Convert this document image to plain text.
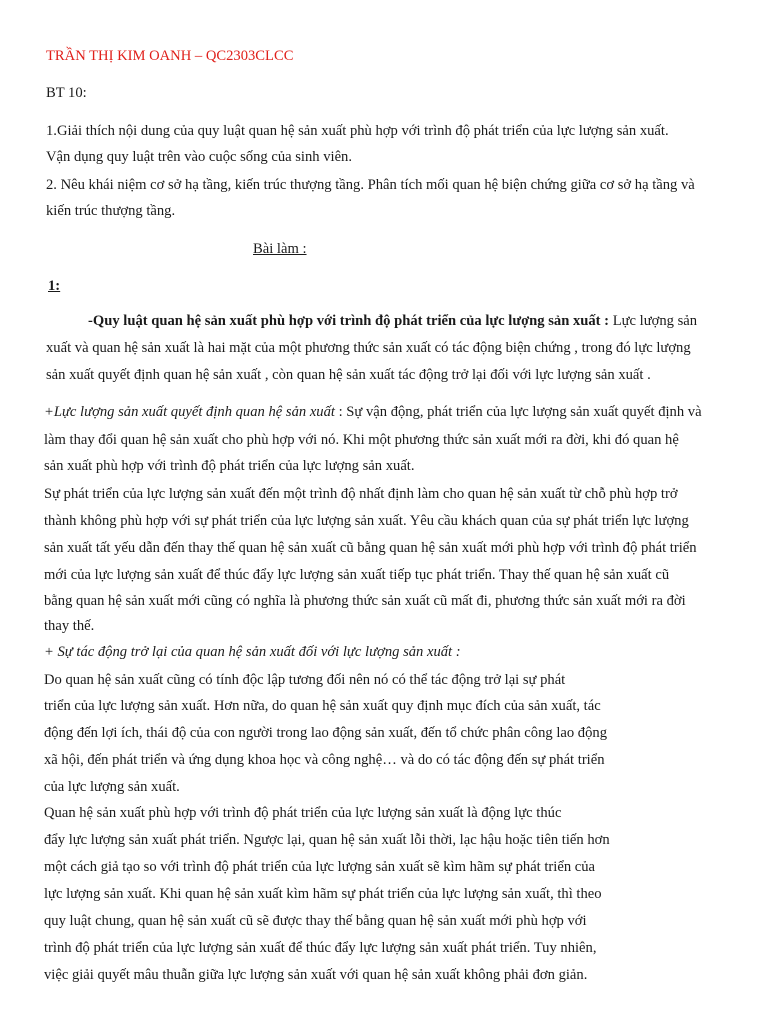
TRẦN THỊ KIM OANH – QC2303CLCC
BT 10:
1.Giải thích nội dung của quy luật quan hệ sản xuất phù hợp với trình độ phát triển của lực lượng sản xuất.
Vận dụng quy luật trên vào cuộc sống của sinh viên.
2. Nêu khái niệm cơ sở hạ tầng, kiến trúc thượng tầng. Phân tích mối quan hệ biện chứng giữa cơ sở hạ tầng và
kiến trúc thượng tầng.
Bài làm :
1:
-Quy luật quan hệ sản xuất phù hợp với trình độ phát triển của lực lượng sản xuất : Lực lượng sản
xuất và quan hệ sản xuất là hai mặt của một phương thức sản xuất có tác động biện chứng , trong đó lực lượng
sản xuất quyết định quan hệ sản xuất , còn quan hệ sản xuất tác động trở lại đối với lực lượng sản xuất .
+Lực lượng sản xuất quyết định quan hệ sản xuất : Sự vận động, phát triển của lực lượng sản xuất quyết định và
làm thay đổi quan hệ sản xuất cho phù hợp với nó. Khi một phương thức sản xuất mới ra đời, khi đó quan hệ
sản xuất phù hợp với trình độ phát triển của lực lượng sản xuất.
Sự phát triển của lực lượng sản xuất đến một trình độ nhất định làm cho quan hệ sản xuất từ chỗ phù hợp trở
thành không phù hợp với sự phát triển của lực lượng sản xuất. Yêu cầu khách quan của sự phát triển lực lượng
sản xuất tất yếu dẫn đến thay thế quan hệ sản xuất cũ bằng quan hệ sản xuất mới phù hợp với trình độ phát triển
mới của lực lượng sản xuất để thúc đẩy lực lượng sản xuất tiếp tục phát triển. Thay thế quan hệ sản xuất cũ
bằng quan hệ sản xuất mới cũng có nghĩa là phương thức sản xuất cũ mất đi, phương thức sản xuất mới ra đời
thay thế.
+ Sự tác động trở lại của quan hệ sản xuất đối với lực lượng sản xuất :
Do quan hệ sản xuất cũng có tính độc lập tương đối nên nó có thể tác động trở lại sự phát
triển của lực lượng sản xuất. Hơn nữa, do quan hệ sản xuất quy định mục đích của sản xuất, tác
động đến lợi ích, thái độ của con người trong lao động sản xuất, đến tổ chức phân công lao động
xã hội, đến phát triển và ứng dụng khoa học và công nghệ… và do có tác động đến sự phát triển
của lực lượng sản xuất.
Quan hệ sản xuất phù hợp với trình độ phát triển của lực lượng sản xuất là động lực thúc
đẩy lực lượng sản xuất phát triển. Ngược lại, quan hệ sản xuất lỗi thời, lạc hậu hoặc tiên tiến hơn
một cách giả tạo so với trình độ phát triển của lực lượng sản xuất sẽ kìm hãm sự phát triển của
lực lượng sản xuất. Khi quan hệ sản xuất kìm hãm sự phát triển của lực lượng sản xuất, thì theo
quy luật chung, quan hệ sản xuất cũ sẽ được thay thế bằng quan hệ sản xuất mới phù hợp với
trình độ phát triển của lực lượng sản xuất để thúc đẩy lực lượng sản xuất phát triển. Tuy nhiên,
việc giải quyết mâu thuẫn giữa lực lượng sản xuất với quan hệ sản xuất không phải đơn giản.
